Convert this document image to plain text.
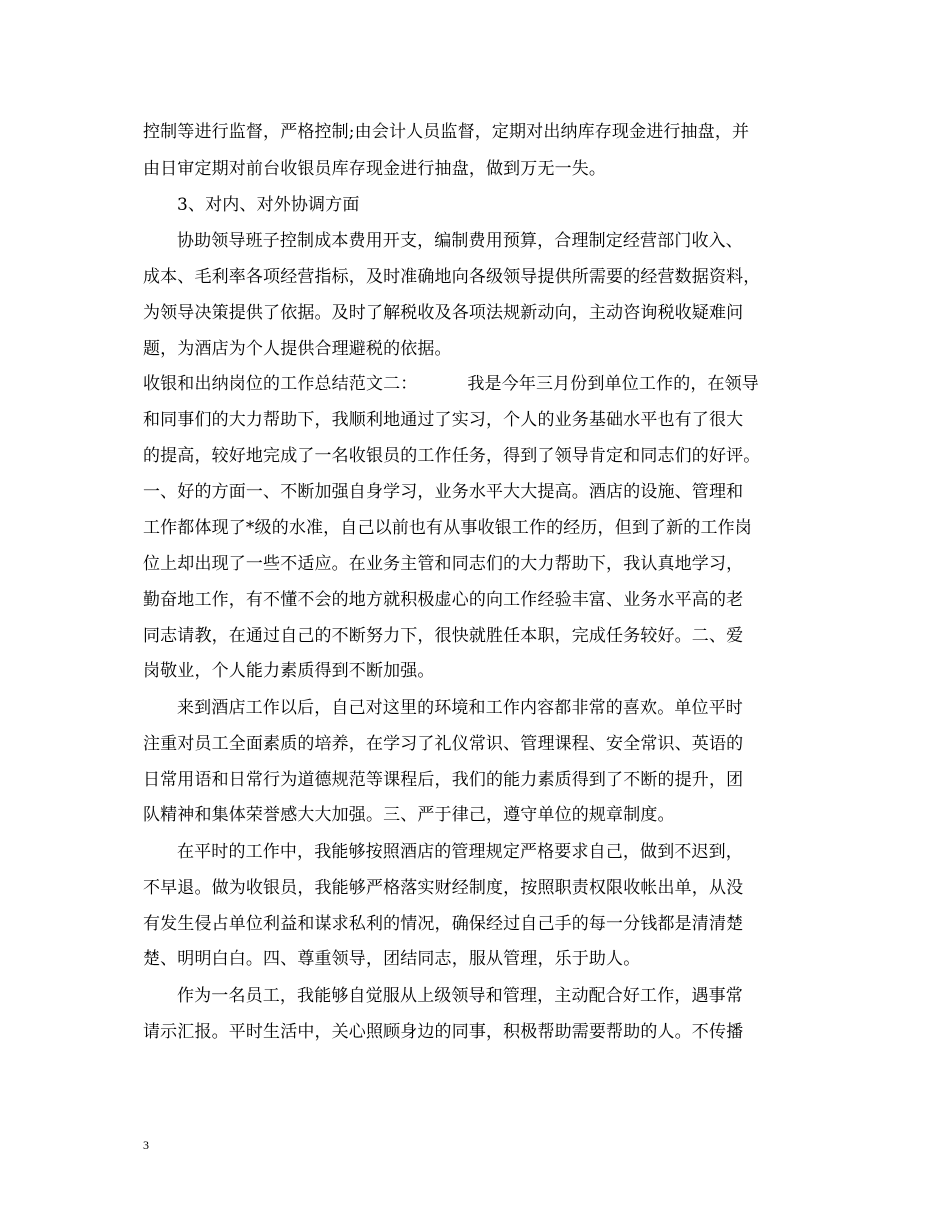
控制等进行监督，严格控制;由会计人员监督，定期对出纳库存现金进行抽盘，并
由日审定期对前台收银员库存现金进行抽盘，做到万无一失。
3、对内、对外协调方面
协助领导班子控制成本费用开支，编制费用预算，合理制定经营部门收入、
成本、毛利率各项经营指标，及时准确地向各级领导提供所需要的经营数据资料，
为领导决策提供了依据。及时了解税收及各项法规新动向，主动咨询税收疑难问
题，为酒店为个人提供合理避税的依据。
收银和出纳岗位的工作总结范文二：	我是今年三月份到单位工作的，在领导
和同事们的大力帮助下，我顺利地通过了实习，个人的业务基础水平也有了很大
的提高，较好地完成了一名收银员的工作任务，得到了领导肯定和同志们的好评。
一、好的方面一、不断加强自身学习，业务水平大大提高。酒店的设施、管理和
工作都体现了*级的水准，自己以前也有从事收银工作的经历，但到了新的工作岗
位上却出现了一些不适应。在业务主管和同志们的大力帮助下，我认真地学习，
勤奋地工作，有不懂不会的地方就积极虚心的向工作经验丰富、业务水平高的老
同志请教，在通过自己的不断努力下，很快就胜任本职，完成任务较好。二、爱
岗敬业，个人能力素质得到不断加强。
来到酒店工作以后，自己对这里的环境和工作内容都非常的喜欢。单位平时
注重对员工全面素质的培养，在学习了礼仪常识、管理课程、安全常识、英语的
日常用语和日常行为道德规范等课程后，我们的能力素质得到了不断的提升，团
队精神和集体荣誉感大大加强。三、严于律己，遵守单位的规章制度。
在平时的工作中，我能够按照酒店的管理规定严格要求自己，做到不迟到，
不早退。做为收银员，我能够严格落实财经制度，按照职责权限收帐出单，从没
有发生侵占单位利益和谋求私利的情况，确保经过自己手的每一分钱都是清清楚
楚、明明白白。四、尊重领导，团结同志，服从管理，乐于助人。
作为一名员工，我能够自觉服从上级领导和管理，主动配合好工作，遇事常
请示汇报。平时生活中，关心照顾身边的同事，积极帮助需要帮助的人。不传播
3
